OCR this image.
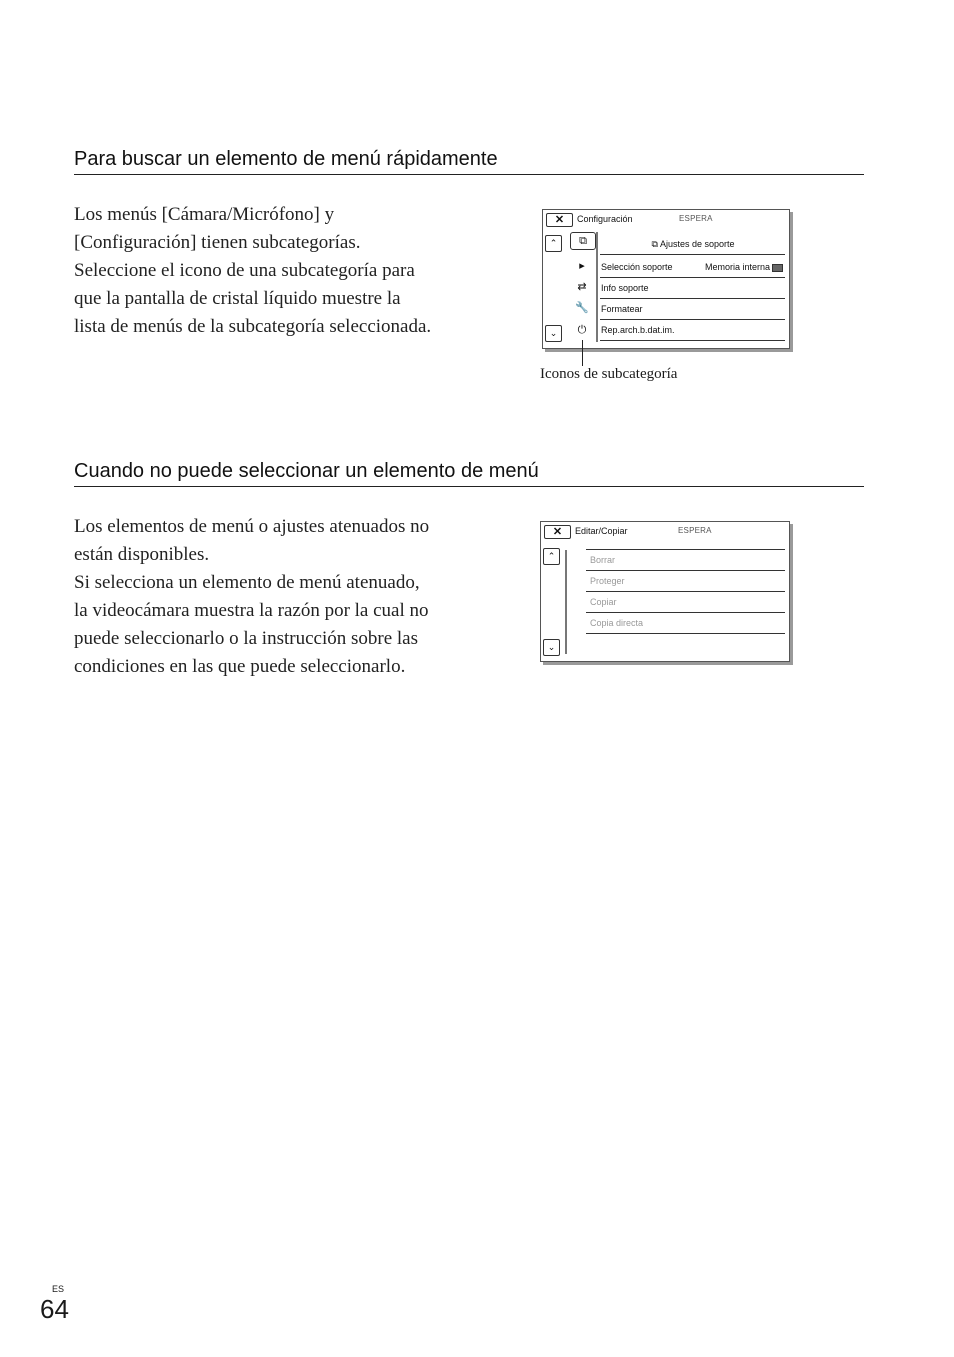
Para buscar un elemento de menú rápidamente

Los menús [Cámara/Micrófono] y

[Configuración] tienen subcategorías.

Seleccione el icono de una subcategoría para

que la pantalla de cristal líquido muestre la

lista de menús de la subcategoría seleccionada.

✕	Configuración	ESPERA
⌃
⌄
⧉
▸
⇄
🔧
⏻
⧉ Ajustes de soporte
Selección soporte	Memoria interna
Info soporte
Formatear
Rep.arch.b.dat.im.
Iconos de subcategoría
Cuando no puede seleccionar un elemento de menú

Los elementos de menú o ajustes atenuados no

están disponibles.

Si selecciona un elemento de menú atenuado,

la videocámara muestra la razón por la cual no

puede seleccionarlo o la instrucción sobre las

condiciones en las que puede seleccionarlo.

✕	Editar/Copiar	ESPERA
⌃
⌄
Borrar
Proteger
Copiar
Copia directa
ES
64
